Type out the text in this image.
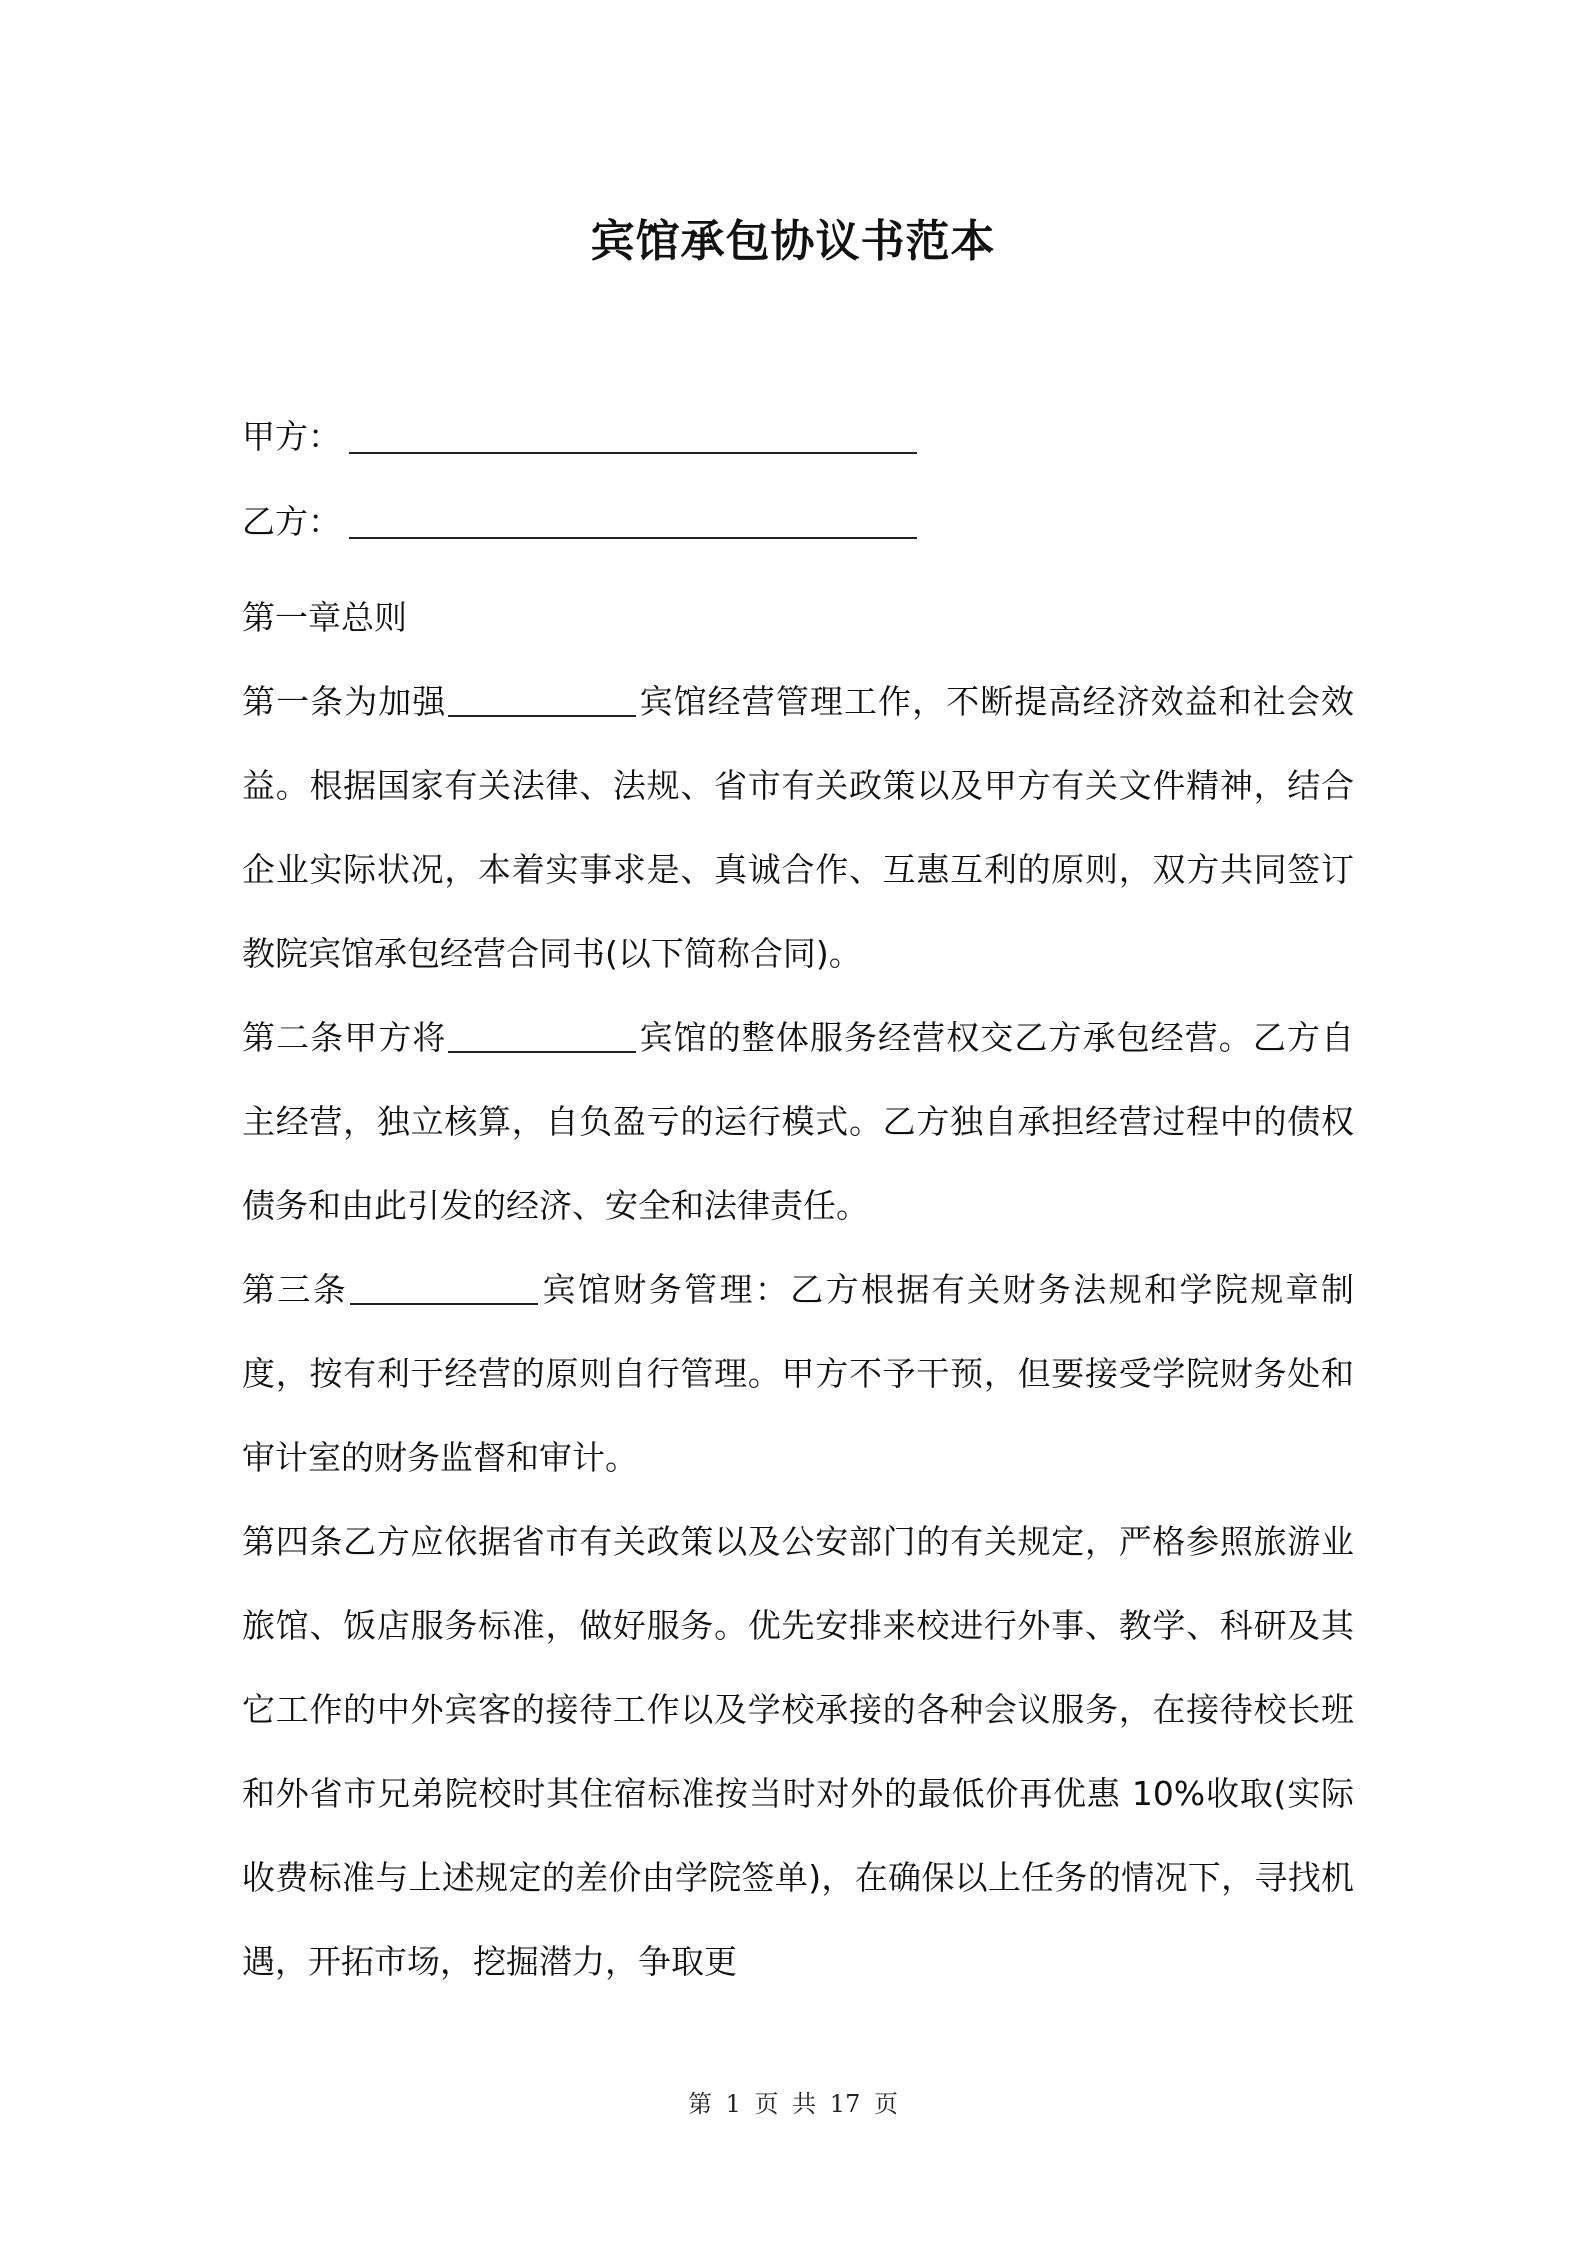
宾馆承包协议书范本
甲方：
乙方：

第一章总则

第一条为加强	宾馆经营管理工作，不断提高经济效益和社会效益。根据国家有关法律、法规、省市有关政策以及甲方有关文件精神，结合企业实际状况，本着实事求是、真诚合作、互惠互利的原则，双方共同签订教院宾馆承包经营合同书(以下简称合同)。

第二条甲方将	宾馆的整体服务经营权交乙方承包经营。乙方自主经营，独立核算，自负盈亏的运行模式。乙方独自承担经营过程中的债权债务和由此引发的经济、安全和法律责任。

第三条	宾馆财务管理：乙方根据有关财务法规和学院规章制度，按有利于经营的原则自行管理。甲方不予干预，但要接受学院财务处和审计室的财务监督和审计。

第四条乙方应依据省市有关政策以及公安部门的有关规定，严格参照旅游业旅馆、饭店服务标准，做好服务。优先安排来校进行外事、教学、科研及其它工作的中外宾客的接待工作以及学校承接的各种会议服务，在接待校长班和外省市兄弟院校时其住宿标准按当时对外的最低价再优惠 10%收取(实际收费标准与上述规定的差价由学院签单)，在确保以上任务的情况下，寻找机遇，开拓市场，挖掘潜力，争取更

第 1 页 共 17 页
